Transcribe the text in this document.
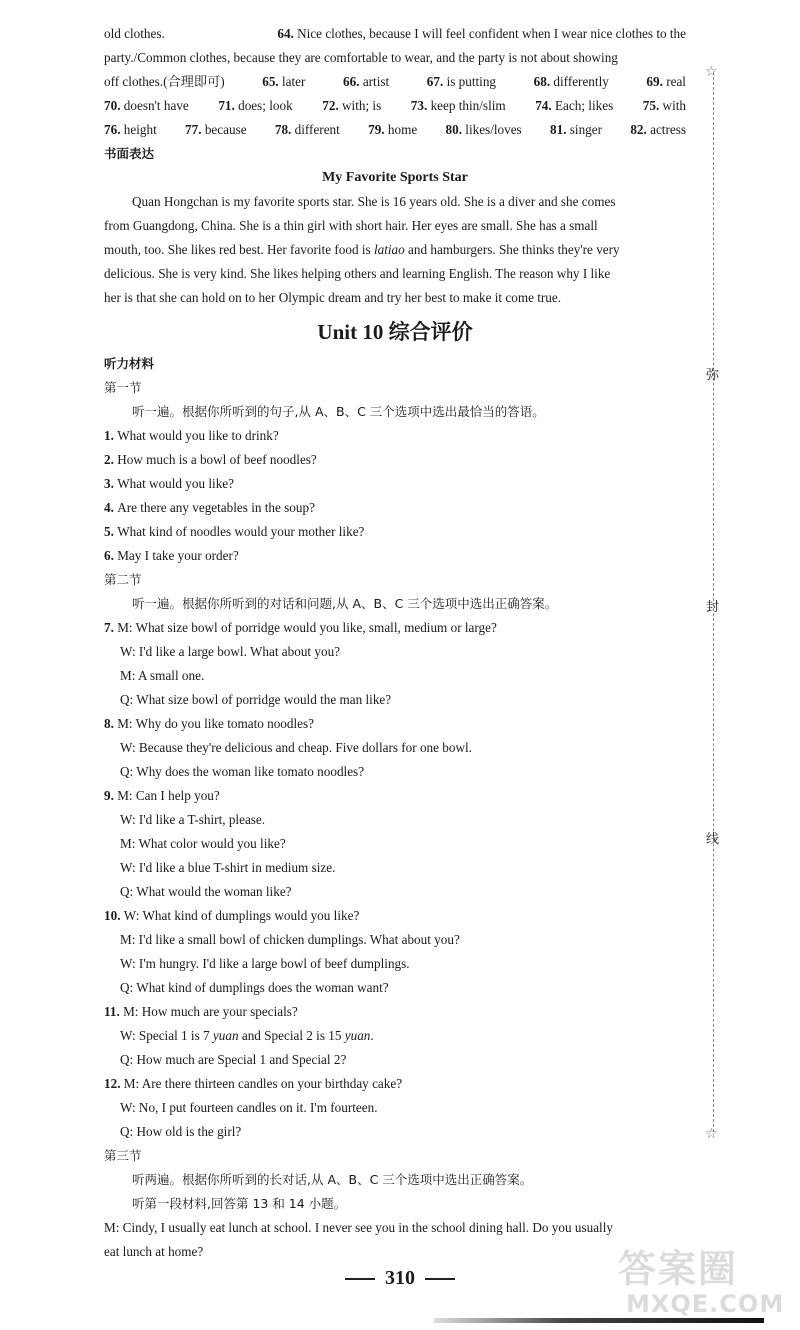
old clothes.	64. Nice clothes, because I will feel confident when I wear nice clothes to the
party./Common clothes, because they are comfortable to wear, and the party is not about showing
off clothes.(合理即可)	65. later	66. artist	67. is putting	68. differently	69. real
70. doesn't have 71. does; look 72. with; is 73. keep thin/slim 74. Each; likes 75. with
76. height 77. because 78. different 79. home 80. likes/loves 81. singer 82. actress
书面表达
My Favorite Sports Star
Quan Hongchan is my favorite sports star. She is 16 years old. She is a diver and she comes
from Guangdong, China. She is a thin girl with short hair. Her eyes are small. She has a small
mouth, too. She likes red best. Her favorite food is latiao and hamburgers. She thinks they're very
delicious. She is very kind. She likes helping others and learning English. The reason why I like
her is that she can hold on to her Olympic dream and try her best to make it come true.
Unit 10 综合评价
听力材料
第一节
听一遍。根据你所听到的句子,从 A、B、C 三个选项中选出最恰当的答语。
1. What would you like to drink?
2. How much is a bowl of beef noodles?
3. What would you like?
4. Are there any vegetables in the soup?
5. What kind of noodles would your mother like?
6. May I take your order?
第二节
听一遍。根据你所听到的对话和问题,从 A、B、C 三个选项中选出正确答案。
7. M: What size bowl of porridge would you like, small, medium or large?
W: I'd like a large bowl. What about you?
M: A small one.
Q: What size bowl of porridge would the man like?
8. M: Why do you like tomato noodles?
W: Because they're delicious and cheap. Five dollars for one bowl.
Q: Why does the woman like tomato noodles?
9. M: Can I help you?
W: I'd like a T-shirt, please.
M: What color would you like?
W: I'd like a blue T-shirt in medium size.
Q: What would the woman like?
10. W: What kind of dumplings would you like?
M: I'd like a small bowl of chicken dumplings. What about you?
W: I'm hungry. I'd like a large bowl of beef dumplings.
Q: What kind of dumplings does the woman want?
11. M: How much are your specials?
W: Special 1 is 7 yuan and Special 2 is 15 yuan.
Q: How much are Special 1 and Special 2?
12. M: Are there thirteen candles on your birthday cake?
W: No, I put fourteen candles on it. I'm fourteen.
Q: How old is the girl?
第三节
听两遍。根据你所听到的长对话,从 A、B、C 三个选项中选出正确答案。
听第一段材料,回答第 13 和 14 小题。
M: Cindy, I usually eat lunch at school. I never see you in the school dining hall. Do you usually
eat lunch at home?
☆
☆
弥
封
线
310	答案圈
MXQE.COM
